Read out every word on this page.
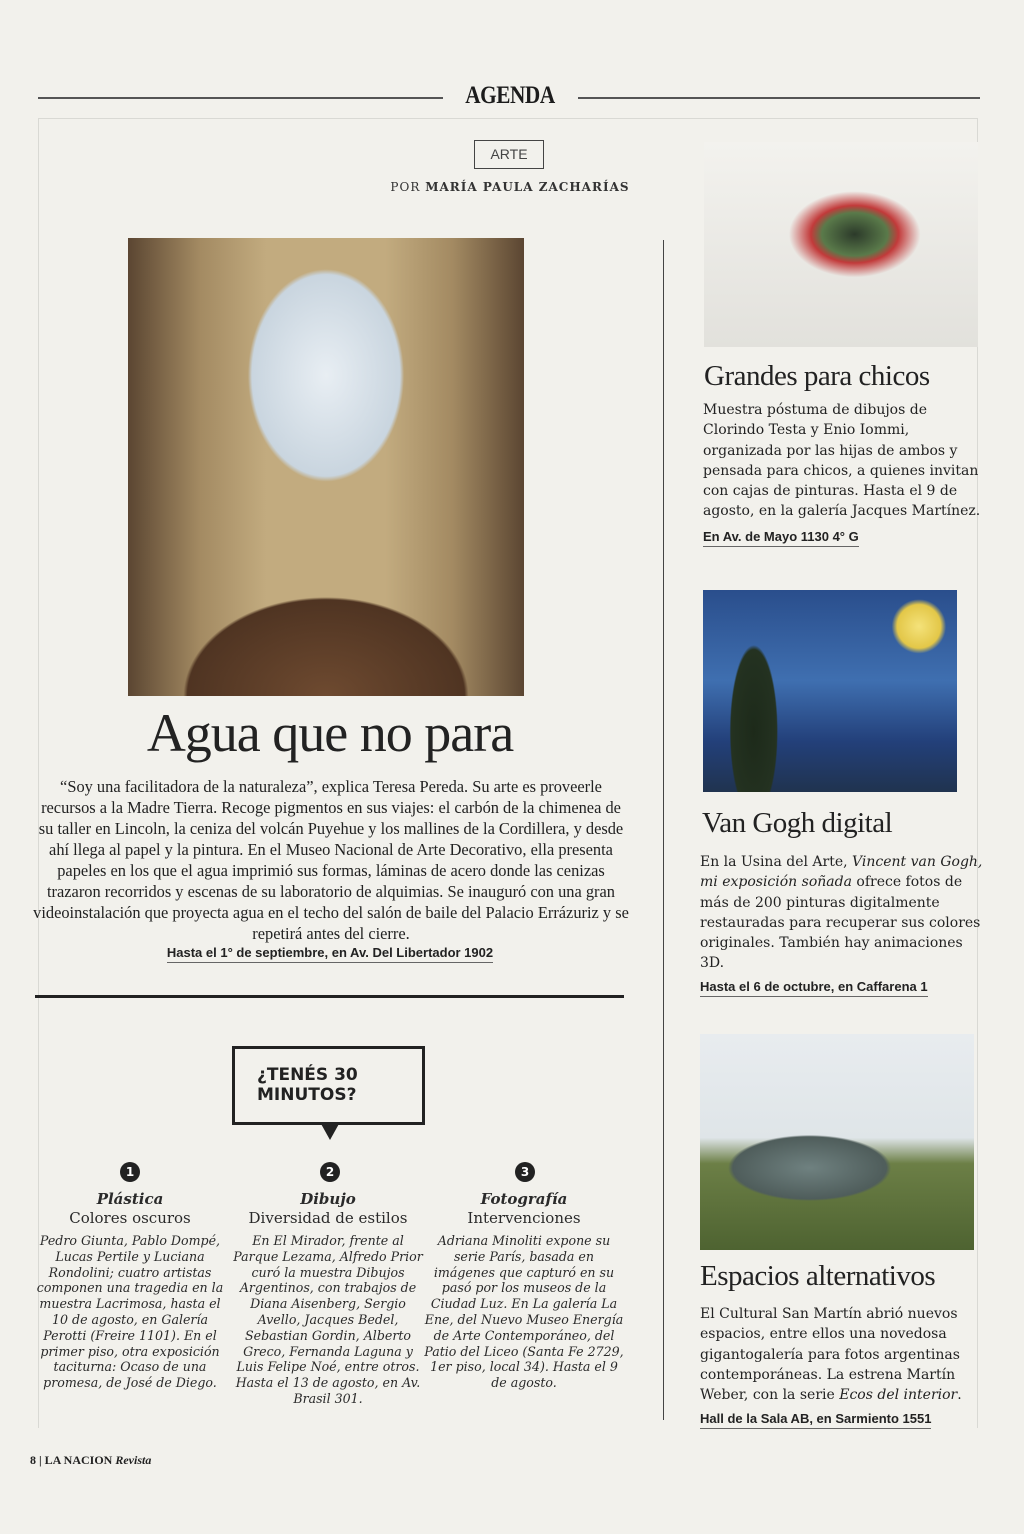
AGENDA
ARTE
POR MARÍA PAULA ZACHARÍAS
Agua que no para
“Soy una facilitadora de la naturaleza”, explica Teresa Pereda. Su arte es proveerle recursos a la Madre Tierra. Recoge pigmentos en sus viajes: el carbón de la chimenea de su taller en Lincoln, la ceniza del volcán Puyehue y los mallines de la Cordillera, y desde ahí llega al papel y la pintura. En el Museo Nacional de Arte Decorativo, ella presenta papeles en los que el agua imprimió sus formas, láminas de acero donde las cenizas trazaron recorridos y escenas de su laboratorio de alquimias. Se inauguró con una gran videoinstalación que proyecta agua en el techo del salón de baile del Palacio Errázuriz y se repetirá antes del cierre.
Hasta el 1° de septiembre, en Av. Del Libertador 1902
¿TENÉS 30 MINUTOS?
1	2	3
Plástica
Colores oscuros
Pedro Giunta, Pablo Dompé, Lucas Pertile y Luciana Rondolini; cuatro artistas componen una tragedia en la muestra Lacrimosa, hasta el 10 de agosto, en Galería Perotti (Freire 1101). En el primer piso, otra exposición taciturna: Ocaso de una promesa, de José de Diego.
Dibujo
Diversidad de estilos
En El Mirador, frente al Parque Lezama, Alfredo Prior curó la muestra Dibujos Argentinos, con trabajos de Diana Aisenberg, Sergio Avello, Jacques Bedel, Sebastian Gordin, Alberto Greco, Fernanda Laguna y Luis Felipe Noé, entre otros. Hasta el 13 de agosto, en Av. Brasil 301.
Fotografía
Intervenciones
Adriana Minoliti expone su serie París, basada en imágenes que capturó en su pasó por los museos de la Ciudad Luz. En La galería La Ene, del Nuevo Museo Energía de Arte Contemporáneo, del Patio del Liceo (Santa Fe 2729, 1er piso, local 34). Hasta el 9 de agosto.
Grandes para chicos
Muestra póstuma de dibujos de Clorindo Testa y Enio Iommi, organizada por las hijas de ambos y pensada para chicos, a quienes invitan con cajas de pinturas. Hasta el 9 de agosto, en la galería Jacques Martínez.
En Av. de Mayo 1130 4° G
Van Gogh digital
En la Usina del Arte, Vincent van Gogh, mi exposición soñada ofrece fotos de más de 200 pinturas digitalmente restauradas para recuperar sus colores originales. También hay animaciones 3D.
Hasta el 6 de octubre, en Caffarena 1
Espacios alternativos
El Cultural San Martín abrió nuevos espacios, entre ellos una novedosa gigantogalería para fotos argentinas contemporáneas. La estrena Martín Weber, con la serie Ecos del interior.
Hall de la Sala AB, en Sarmiento 1551
8 | LA NACION Revista
